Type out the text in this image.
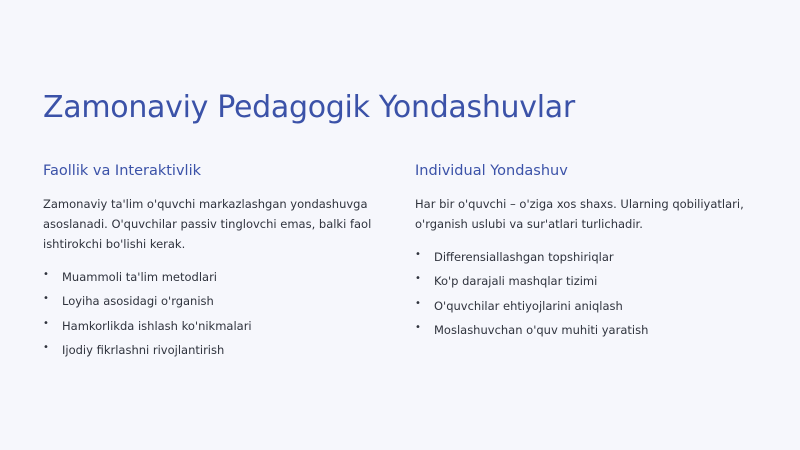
Zamonaviy Pedagogik Yondashuvlar
Faollik va Interaktivlik

Zamonaviy ta'lim o'quvchi markazlashgan yondashuvga asoslanadi. O'quvchilar passiv tinglovchi emas, balki faol ishtirokchi bo'lishi kerak.

• Muammoli ta'lim metodlari
• Loyiha asosidagi o'rganish
• Hamkorlikda ishlash ko'nikmalari
• Ijodiy fikrlashni rivojlantirish
Individual Yondashuv

Har bir o'quvchi – o'ziga xos shaxs. Ularning qobiliyatlari, o'rganish uslubi va sur'atlari turlichadir.

• Differensiallashgan topshiriqlar
• Ko'p darajali mashqlar tizimi
• O'quvchilar ehtiyojlarini aniqlash
• Moslashuvchan o'quv muhiti yaratish
